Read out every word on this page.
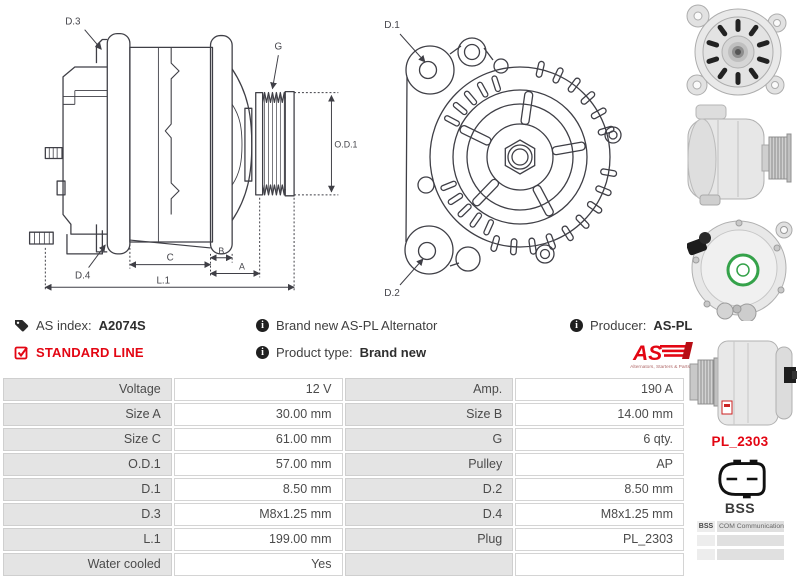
D.3
G
O.D.1
D.4
C
B
A
L.1
D.1
D.2
AS index: A2074S	i Brand new AS-PL Alternator	i Producer: AS-PL
STANDARD LINE	i Product type: Brand new	AS
Alternators, Starters & Parts
Voltage	12 V	Amp.	190 A
Size A	30.00 mm	Size B	14.00 mm
Size C	61.00 mm	G	6 qty.
O.D.1	57.00 mm	Pulley	AP
D.1	8.50 mm	D.2	8.50 mm
D.3	M8x1.25 mm	D.4	M8x1.25 mm
L.1	199.00 mm	Plug	PL_2303
Water cooled	Yes
PL_2303
BSS
BSS COM Communication
